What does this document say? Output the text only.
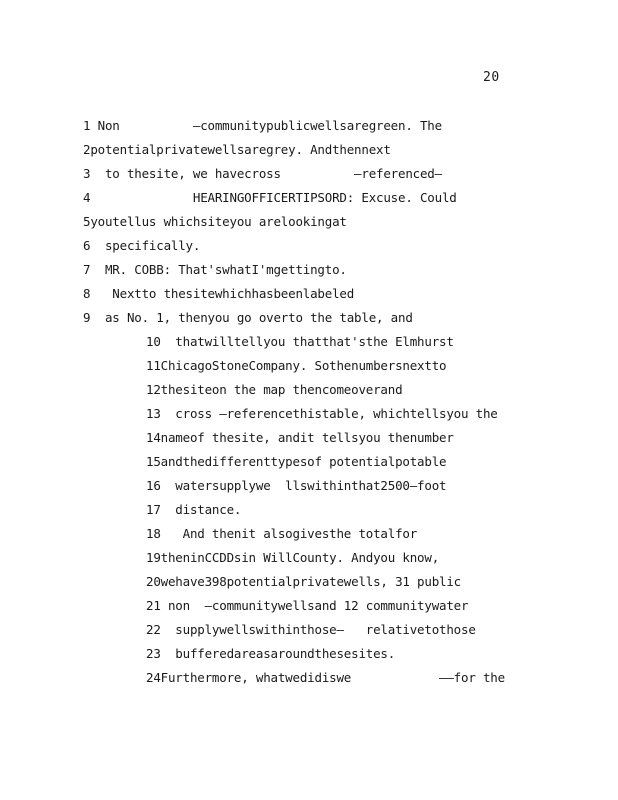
20
1 Non          –communitypublicwellsaregreen. The
2potentialprivatewellsaregrey. Andthennext
3  to thesite, we havecross          –referenced–
4              HEARINGOFFICERTIPSORD: Excuse. Could
5youtellus whichsiteyou arelookingat
6  specifically.
7  MR. COBB: That'swhatI'mgettingto.
8   Nextto thesitewhichhasbeenlabeled
9  as No. 1, thenyou go overto the table, and
10  thatwilltellyou thatthat'sthe Elmhurst
11ChicagoStoneCompany. Sothenumbersnextto
12thesiteon the map thencomeoverand
13  cross –referencethistable, whichtellsyou the
14nameof thesite, andit tellsyou thenumber
15andthedifferenttypesof potentialpotable
16  watersupplywe  llswithinthat2500–foot
17  distance.
18   And thenit alsogivesthe totalfor
19theninCCDDsin WillCounty. Andyou know,
20wehave398potentialprivatewells, 31 public
21 non  –communitywellsand 12 communitywater
22  supplywellswithinthose–   relativetothose
23  bufferedareasaroundthesesites.
24Furthermore, whatwedidiswe            ––for the
